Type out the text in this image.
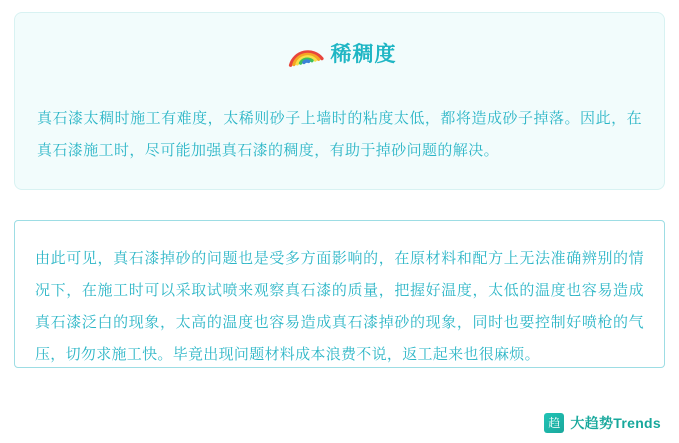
稀稠度
真石漆太稠时施工有难度，太稀则砂子上墙时的粘度太低，都将造成砂子掉落。因此，在真石漆施工时，尽可能加强真石漆的稠度，有助于掉砂问题的解决。
由此可见，真石漆掉砂的问题也是受多方面影响的，在原材料和配方上无法准确辨别的情况下，在施工时可以采取试喷来观察真石漆的质量，把握好温度，太低的温度也容易造成真石漆泛白的现象，太高的温度也容易造成真石漆掉砂的现象，同时也要控制好喷枪的气压，切勿求施工快。毕竟出现问题材料成本浪费不说，返工起来也很麻烦。
趋 大趋势Trends
